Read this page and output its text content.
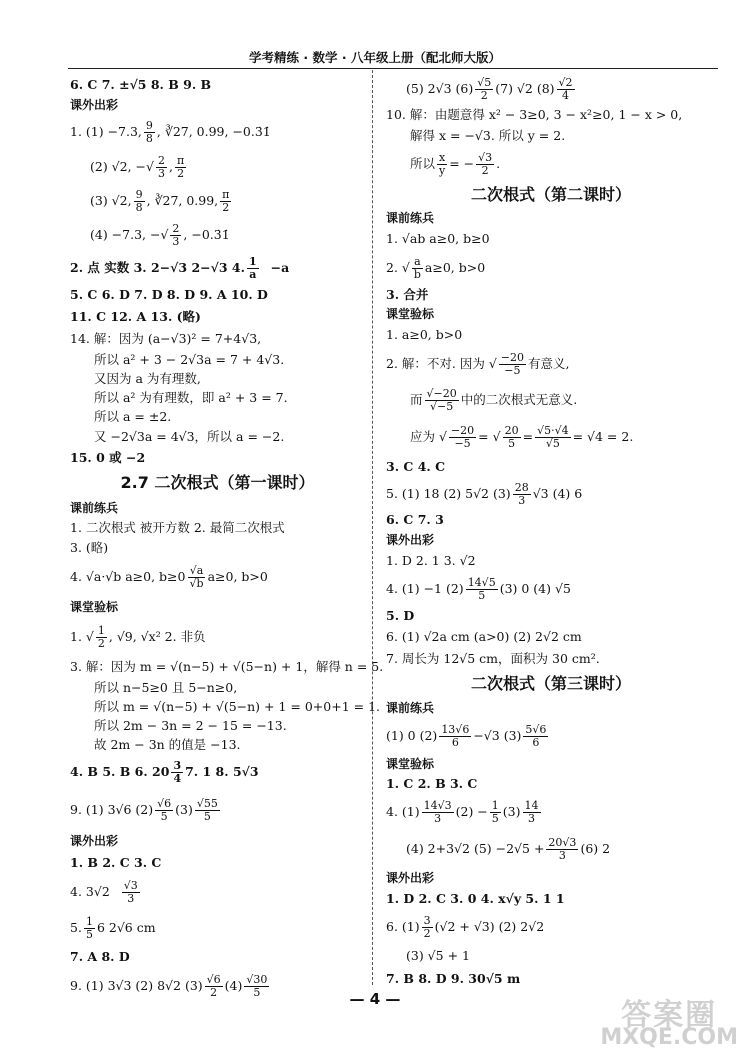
学考精练 · 数学 · 八年级上册（配北师大版）
6. C 7. ±√5 8. B 9. B
课外出彩
1. (1) −7.3, $\frac{9}{8}$ , ∛27, 0.99, −0.3̇1̇
(2) √2, −√ $\frac{2}{3}$ , $\frac{\pi}{2}$
(3) √2, $\frac{9}{8}$ , ∛27, 0.99, $\frac{\pi}{2}$
(4) −7.3, −√ $\frac{2}{3}$ , −0.3̇1̇
2. 点 实数 3. 2−√3 2−√3 4. $\frac{1}{a} -a$
5. C 6. D 7. D 8. D 9. A 10. D
11. C 12. A 13. (略)
14. 解：因为 (a−√3)² = 7+4√3,
所以 a² + 3 − 2√3a = 7 + 4√3.
又因为 a 为有理数,
所以 a² 为有理数，即 a² + 3 = 7.
所以 a = ±2.
又 −2√3a = 4√3，所以 a = −2.
15. 0 或 −2
2.7 二次根式（第一课时）
课前练兵
1. 二次根式 被开方数 2. 最简二次根式
3. (略)
4. √a·√b a≥0, $b\ge 0 \frac{√a}{√b} a\ge 0$, b>0
课堂验标
1. √ $\frac{1}{2}$ , √9, √x² 2. 非负
3. 解：因为 m = √(n−5) + √(5−n) + 1，解得 n = 5.
所以 n−5≥0 且 5−n≥0,
所以 m = √(n−5) + √(5−n) + 1 = 0+0+1 = 1.
所以 2m − 3n = 2 − 15 = −13.
故 2m − 3n 的值是 −13.
4. B 5. B 6. $20 \frac{3}{4} 7$. 1 8. 5√3
9. (1) 3√6 $(2) \frac{√6}{5} (3) \frac{√55}{5}$
课外出彩
1. B 2. C 3. C
4. $3√2 \frac{√3}{3}$
5. $\frac{1}{5} 6$ 2√6 cm
7. A 8. D
9. (1) 3√3 (2) 8√2 $(3) \frac{√6}{2} (4) \frac{√30}{5}$
(5) 2√3 $(6) \frac{√5}{2} (7)$ √2 $(8) \frac{√2}{4}$
10. 解：由题意得 x² − 3≥0, 3 − x²≥0, 1 − x > 0,
解得 x = −√3. 所以 y = 2.
所以 $\frac{x}{y}$ = − $\frac{√3}{2}$ .
二次根式（第二课时）
课前练兵
1. √ab a≥0, b≥0
2. √ $\frac{a}{b} a\ge 0$, b>0
3. 合并
课堂验标
1. a≥0, b>0
2. 解：不对. 因为 √ $\frac{-20}{-5}$ 有意义,
而 $\frac{√-20}{√-5}$ 中的二次根式无意义.
应为 √ $\frac{-20}{-5}$ = √ $\frac{20}{5} = \frac{√5\cdot√4}{√5} = √4 = 2$.
3. C 4. C
5. (1) 18 (2) 5√2 $(3) \frac{28}{3} √3$ (4) 6
6. C 7. 3
课外出彩
1. D 2. 1 3. √2
4. (1) −1 $(2) \frac{14√5}{5} (3)$ 0 (4) √5
5. D
6. (1) √2a cm (a>0) (2) 2√2 cm
7. 周长为 12√5 cm，面积为 30 cm².
二次根式（第三课时）
课前练兵
(1) 0 $(2) \frac{13√6}{6} -√3$ $(3) \frac{5√6}{6}$
课堂验标
1. C 2. B 3. C
4. $(1) \frac{14√3}{3} (2) - \frac{1}{5} (3) \frac{14}{3}$
(4) 2+3√2 $(5) -2√5 + \frac{20√3}{3} (6)$ 2
课外出彩
1. D 2. C 3. 0 4. x√y 5. 1 1
6. $(1) \frac{3}{2} (√2 + √3)$ (2) 2√2
(3) √5 + 1
7. B 8. D 9. 30√5 m
— 4 —	答案圈
MXQE.COM
